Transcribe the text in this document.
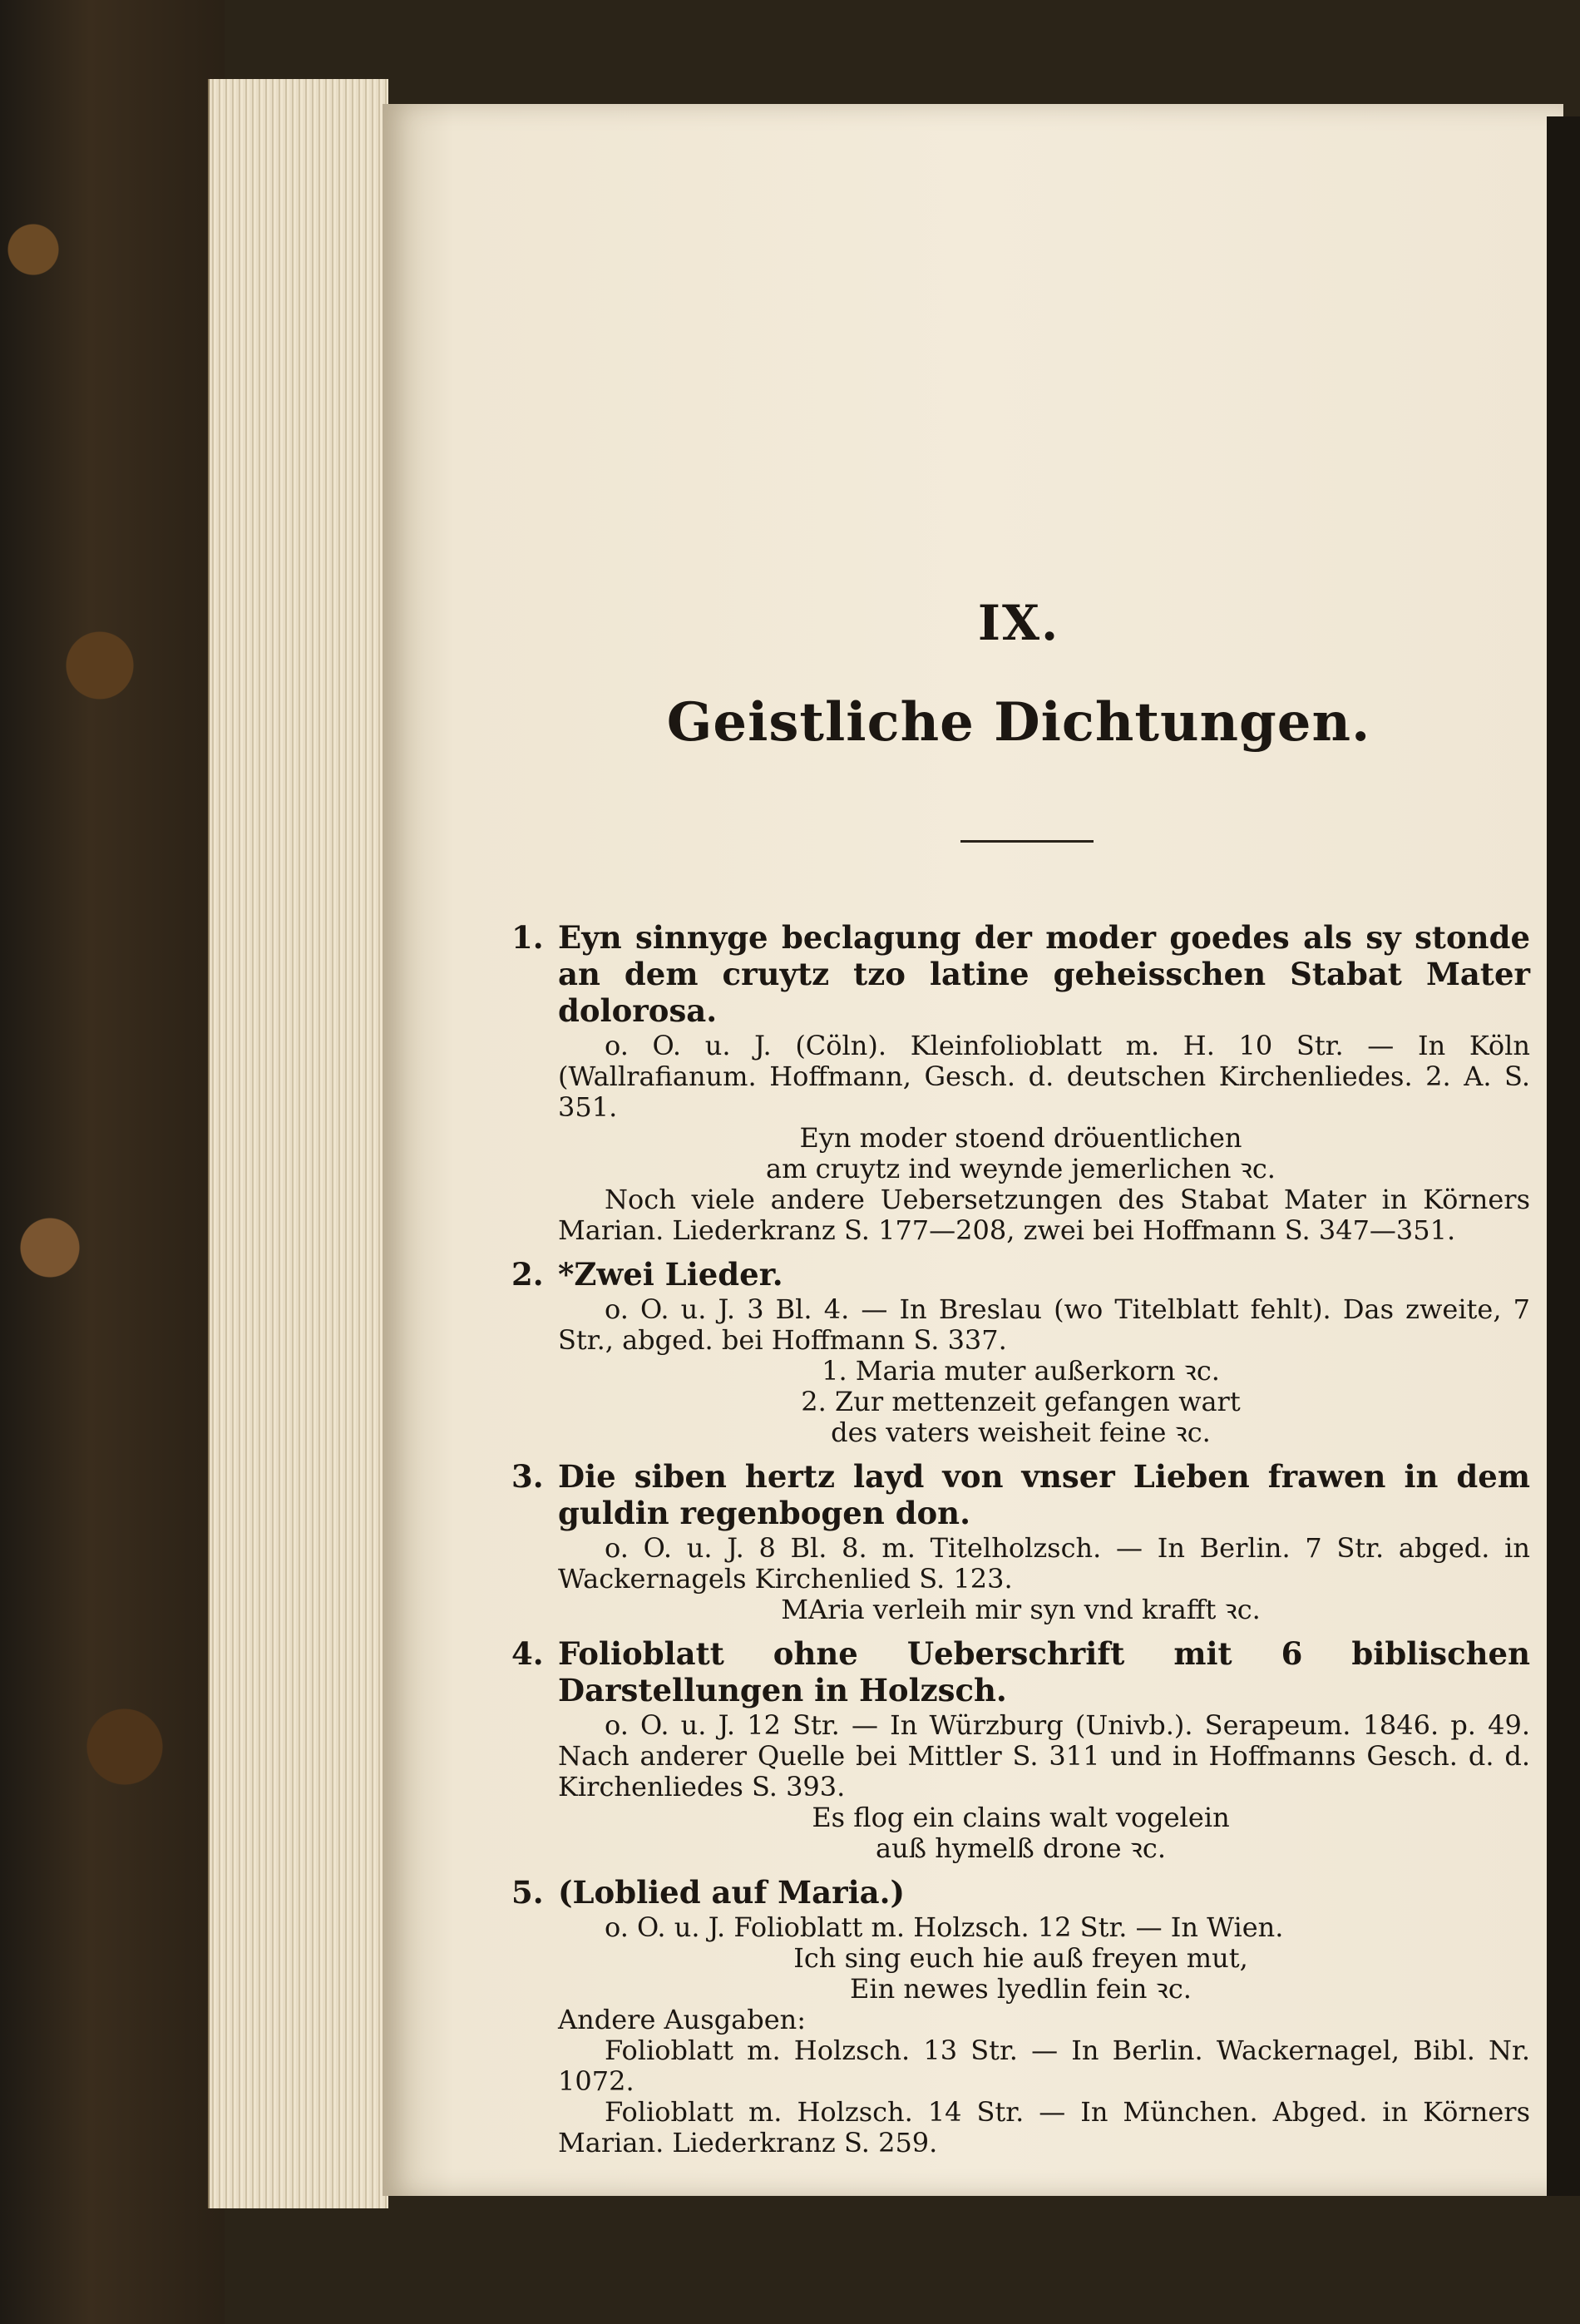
IX.
Geistliche Dichtungen.
1. Eyn sinnyge beclagung der moder goedes als sy stonde an dem cruytz tzo latine geheisschen Stabat Mater dolorosa.
o. O. u. J. (Cöln). Kleinfolioblatt m. H. 10 Str. — In Köln (Wallrafianum. Hoffmann, Gesch. d. deutschen Kirchenliedes. 2. A. S. 351.
Eyn moder stoend dröuentlichen
am cruytz ind weynde jemerlichen ꝛc.
Noch viele andere Uebersetzungen des Stabat Mater in Körners Marian. Liederkranz S. 177—208, zwei bei Hoffmann S. 347—351.
2. *Zwei Lieder.
o. O. u. J. 3 Bl. 4. — In Breslau (wo Titelblatt fehlt). Das zweite, 7 Str., abged. bei Hoffmann S. 337.
1. Maria muter außerkorn ꝛc.
2. Zur mettenzeit gefangen wart
des vaters weisheit feine ꝛc.
3. Die siben hertz layd von vnser Lieben frawen in dem guldin regenbogen don.
o. O. u. J. 8 Bl. 8. m. Titelholzsch. — In Berlin. 7 Str. abged. in Wackernagels Kirchenlied S. 123.
MAria verleih mir syn vnd krafft ꝛc.
4. Folioblatt ohne Ueberschrift mit 6 biblischen Darstellungen in Holzsch.
o. O. u. J. 12 Str. — In Würzburg (Univb.). Serapeum. 1846. p. 49. Nach anderer Quelle bei Mittler S. 311 und in Hoffmanns Gesch. d. d. Kirchenliedes S. 393.
Es flog ein clains walt vogelein
auß hymelß drone ꝛc.
5. (Loblied auf Maria.)
o. O. u. J. Folioblatt m. Holzsch. 12 Str. — In Wien.
Ich sing euch hie auß freyen mut,
Ein newes lyedlin fein ꝛc.
Andere Ausgaben:
Folioblatt m. Holzsch. 13 Str. — In Berlin. Wackernagel, Bibl. Nr. 1072.
Folioblatt m. Holzsch. 14 Str. — In München. Abged. in Körners Marian. Liederkranz S. 259.
